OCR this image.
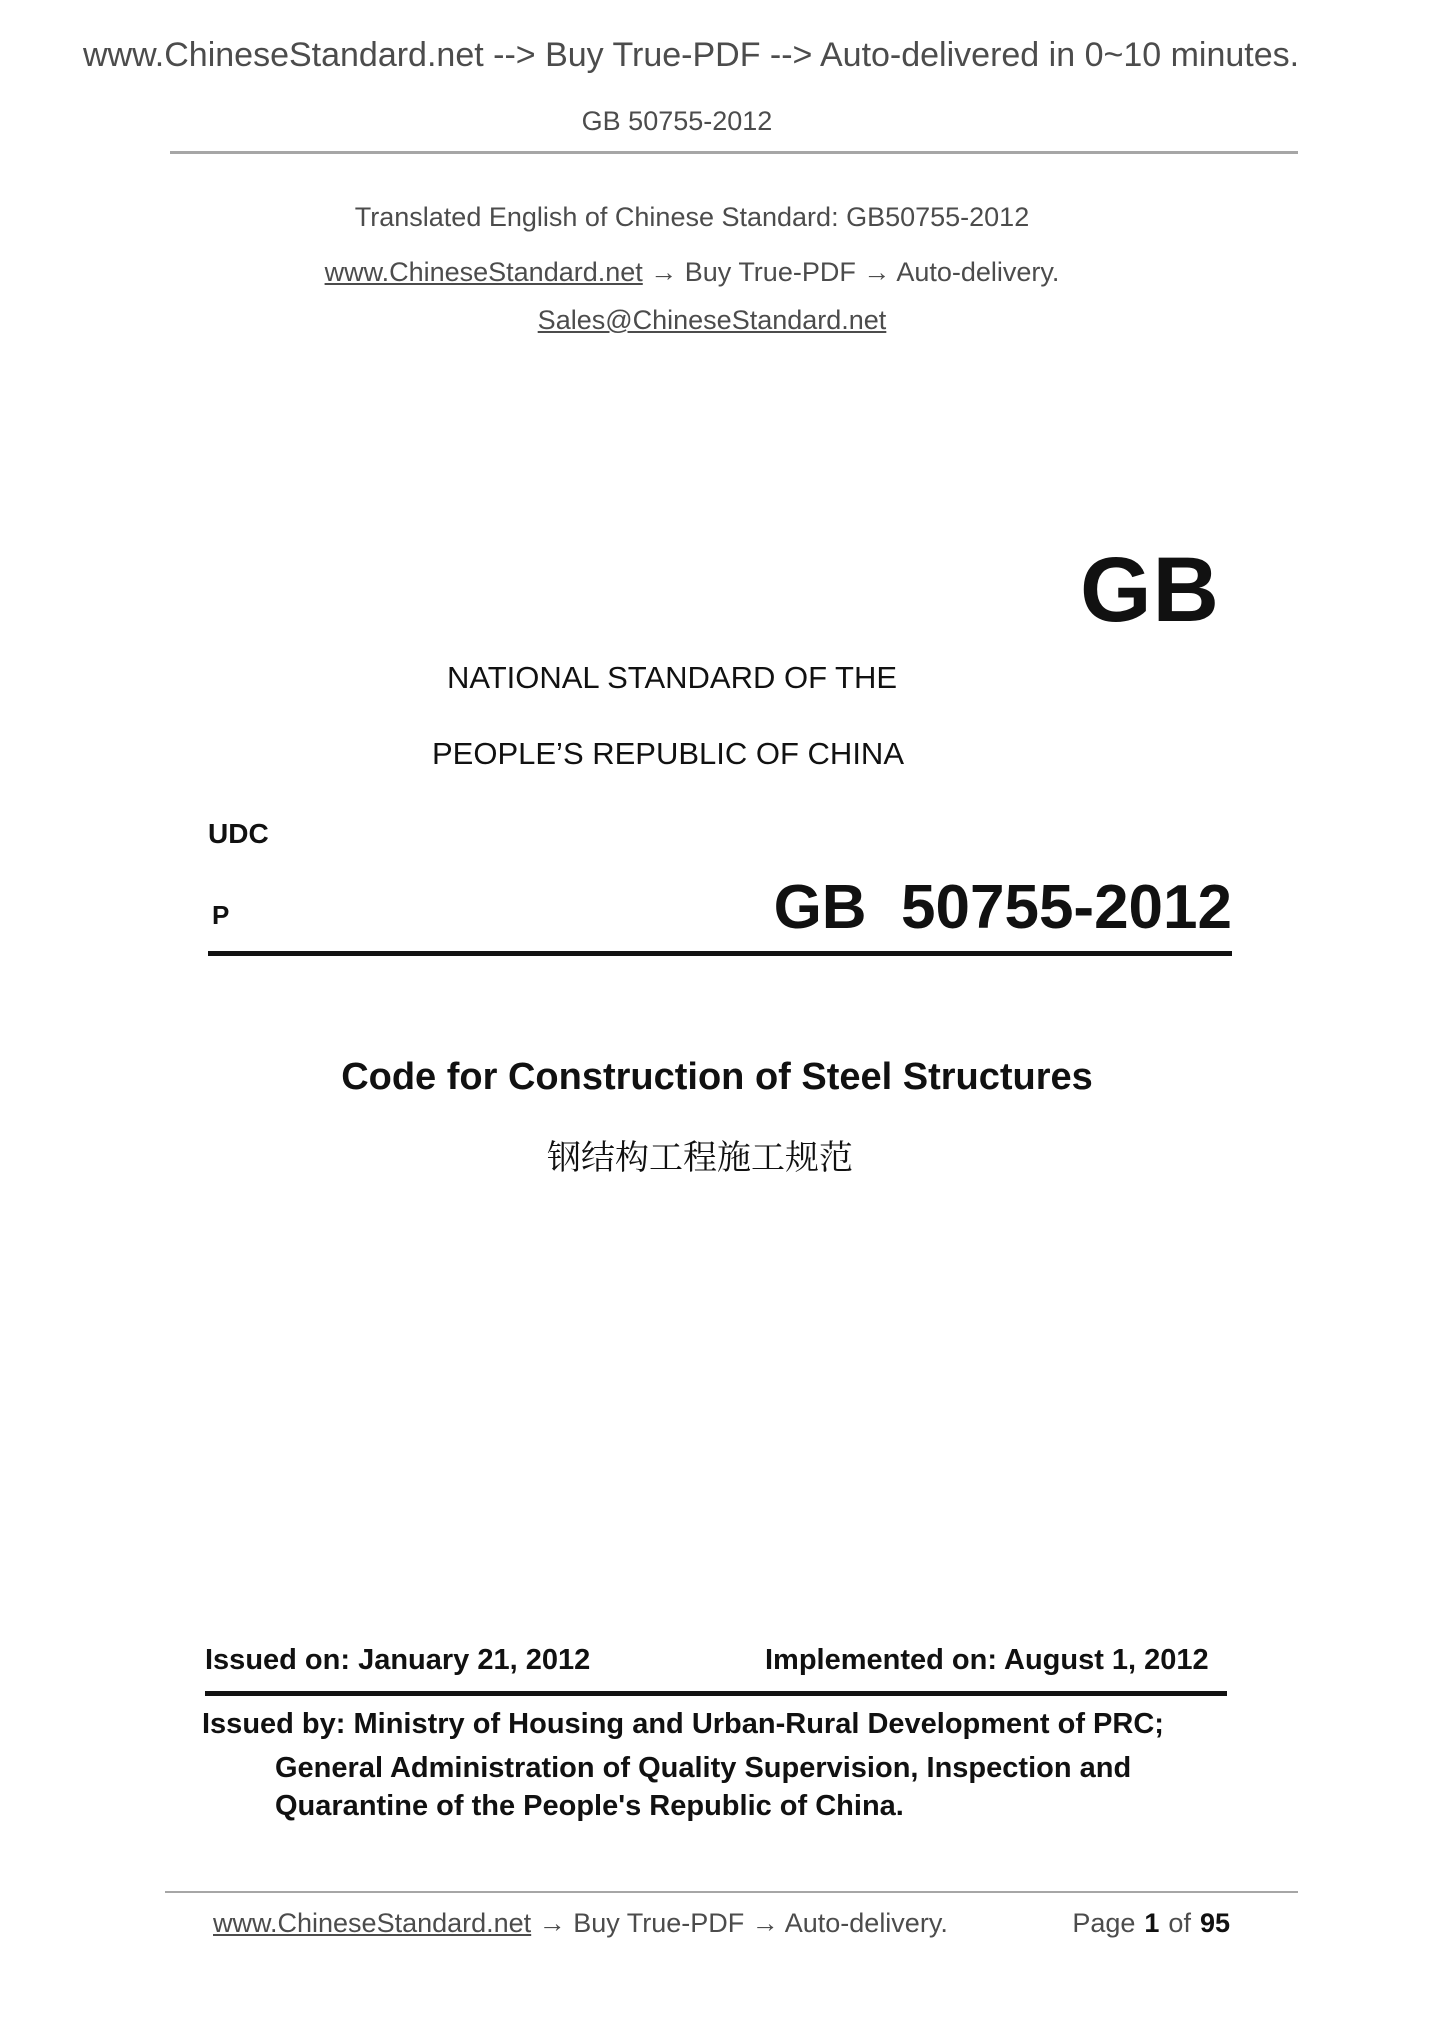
www.ChineseStandard.net --> Buy True-PDF --> Auto-delivered in 0~10 minutes.
GB 50755-2012
Translated English of Chinese Standard: GB50755-2012
www.ChineseStandard.net → Buy True-PDF → Auto-delivery.
Sales@ChineseStandard.net
GB
NATIONAL STANDARD OF THE
PEOPLE’S REPUBLIC OF CHINA
UDC
P	GB  50755-2012
Code for Construction of Steel Structures
钢结构工程施工规范
Issued on: January 21, 2012	Implemented on: August 1, 2012
Issued by: Ministry of Housing and Urban-Rural Development of PRC;
General Administration of Quality Supervision, Inspection and
Quarantine of the People's Republic of China.
www.ChineseStandard.net → Buy True-PDF → Auto-delivery.	Page 1 of 95
